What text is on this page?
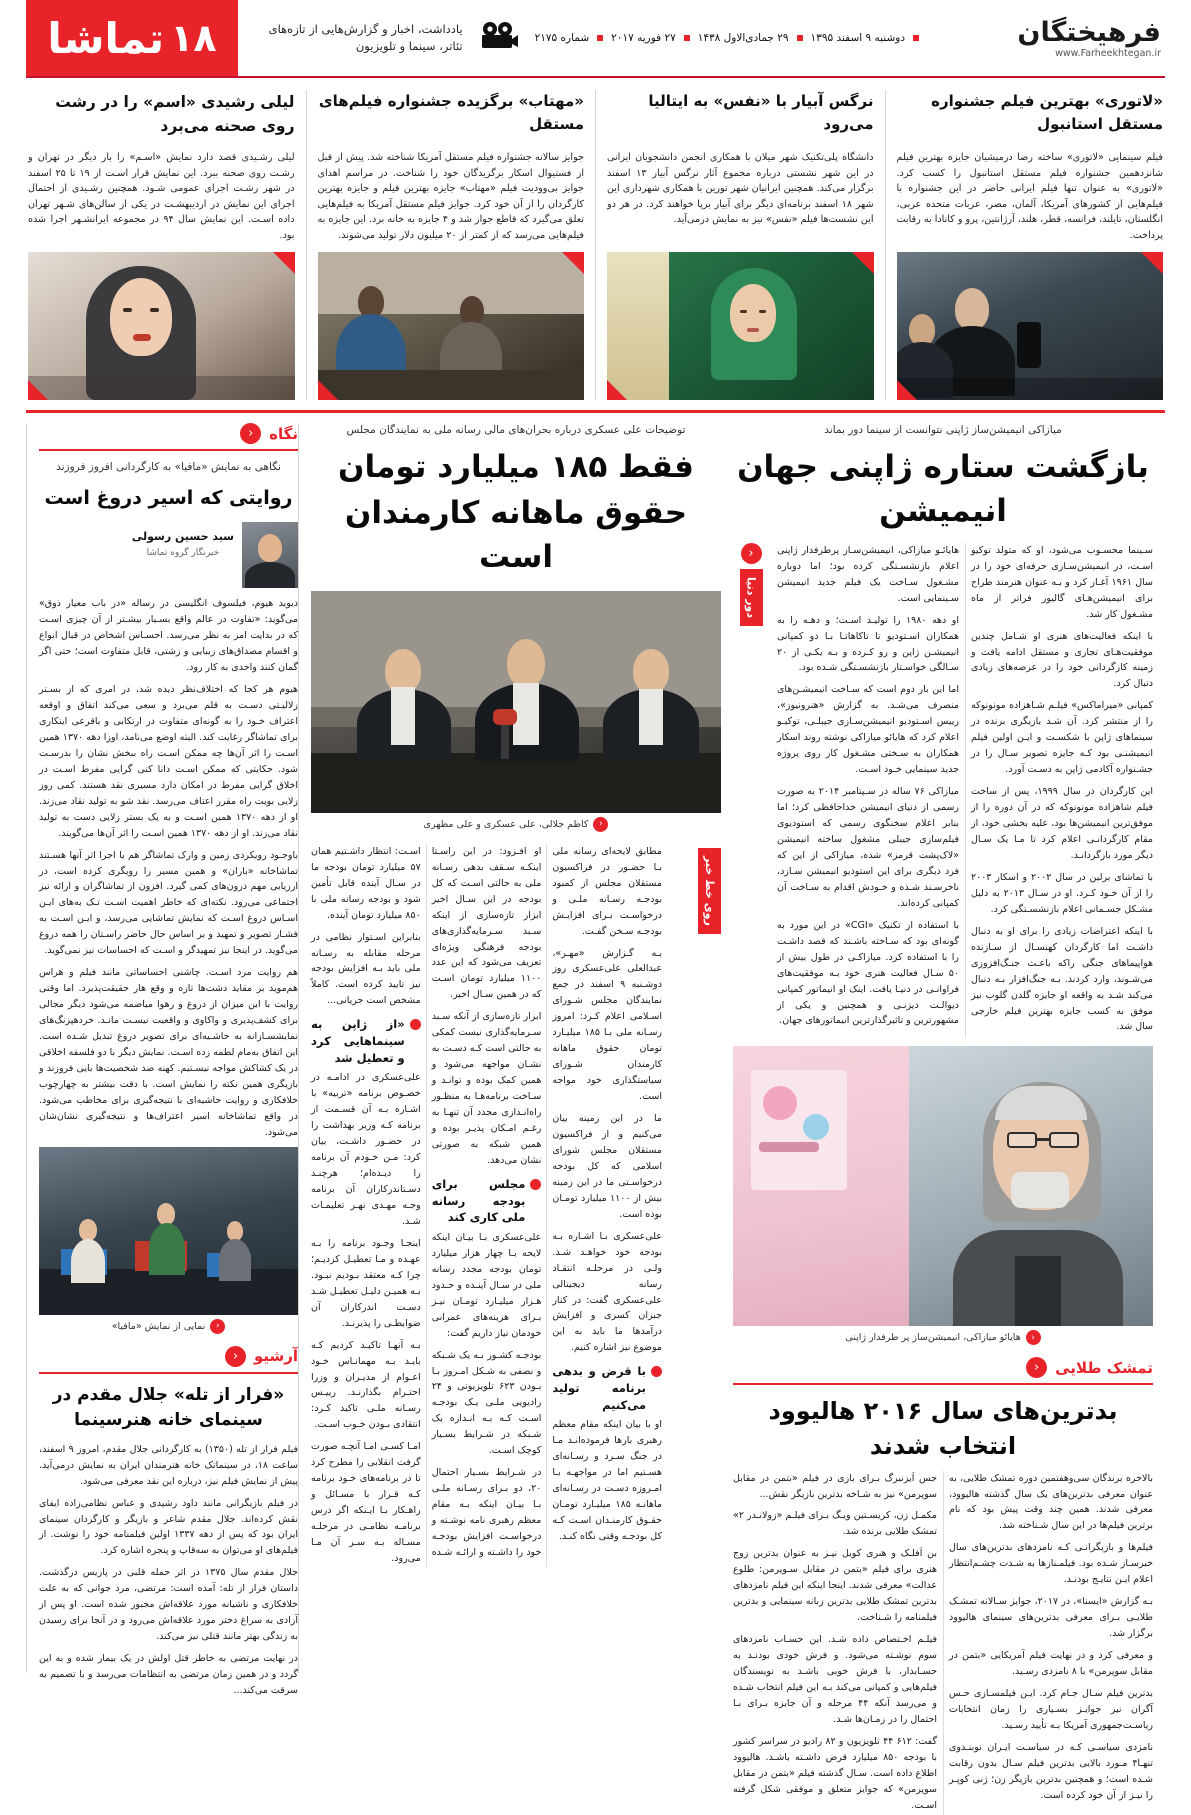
فرهیختگان
www.Farheekhtegan.ir
دوشنبه ۹ اسفند ۱۳۹۵
۲۹ جمادی‌الاول ۱۴۳۸
۲۷ فوریه ۲۰۱۷
شماره ۲۱۷۵
یادداشت، اخبار و گزارش‌هایی از تازه‌های تئاتر، سینما و تلویزیون
۱۸
تماشا
«لاتوری» بهترین فیلم جشنواره مستقل استانبول

فیلم سینمایی «لاتوری» ساخته رضا درمیشیان جایزه بهترین فیلم شانزدهمین جشنواره فیلم مستقل استانبول را کسب کرد. «لاتوری» به عنوان تنها فیلم ایرانی حاضر در این جشنواره با فیلم‌هایی از کشورهای آمریکا، آلمان، مصر، عربات متحده عربی، انگلستان، تایلند، فرانسه، قطر، هلند، آرژانتین، پرو و کانادا به رقابت پرداخت.

نرگس آبیار با «نفس» به ایتالیا می‌رود

دانشگاه پلی‌تکنیک شهر میلان با همکاری انجمن دانشجویان ایرانی در این شهر نشستی درباره مجموع آثار نرگس آبیار ۱۳ اسفند برگزار می‌کند. همچنین ایرانیان شهر تورین با همکاری شهرداری این شهر ۱۸ اسفند برنامه‌ای دیگر برای آبیار برپا خواهند کرد. در هر دو این نشست‌ها فیلم «نفس» نیز به نمایش درمی‌آید.

«مهتاب» برگزیده جشنواره فیلم‌های مستقل

جوایز سالانه جشنواره فیلم مستقل آمریکا شناخته شد. پیش از قبل از فستیوال اسکار برگزیدگان خود را شناخت. در مراسم اهدای جوایز بی‌وودیت فیلم «مهتاب» جایزه بهترین فیلم و جایزه بهترین کارگردان را از آن خود کرد. جوایز فیلم مستقل آمریکا به فیلم‌هایی تعلق می‌گیرد که قاطع جواز شد و ۴ جایزه به خانه برد. این جایزه به فیلم‌هایی می‌رسد که از کمتر از ۲۰ میلیون دلار تولید می‌شوند.

لیلی رشیدی «اسم» را در رشت روی صحنه می‌برد

لیلی رشـیدی قصد دارد نمایش «اسـم» را بار دیگر در تهران و رشـت روی صحنه ببرد. این نمایش قرار اسـت از ۱۹ تا ۲۵ اسفند در شهر رشـت اجرای عمومی شـود. همچنین رشـیدی از احتمال اجرای این نمایش در اردیبهشـت در یکی از سالن‌های شـهر تهران داده اسـت. این نمایش سال ۹۴ در مجموعه ایرانشـهر اجرا شده بود.

نگاه
‹
نگاهی به نمایش «مافیا» به کارگردانی افروز فروزند
روایتی که اسیر دروغ است
سید حسین رسولی
خبرنگار گروه تماشا

دیوید هیوم، فیلسوف انگلیسی در رساله «در باب معیار ذوق» می‌گوید: «تفاوت در عالم واقع بسـیار بیشـتر از آن چیزی اسـت که در بدایت امر به نظر می‌رسد. احسـاس اشخاص در قبال انواع و اقسام مصداق‌های زیبایی و زشتی، قابل متفاوت است؛ حتی اگر گمان کنند واحدی به کار رود.

هیوم هر کجا که اختلاف‌نظر دیده شد، در امری که از بسـتر زلالیـتی دسـت به قلم می‌برد و سعی می‌کند اتفاق و اوقعه اعتراف خـود را به گونه‌ای متفاوت در ارتکابی و باقرعی اینکاری برای تماشاگر رغایت کند. البته اوضع می‌نامد، اوزا دهه ۱۳۷۰ همین اسـت را اثر آن‌ها چه ممکن اسـت راه ببخش نشان را بدرسـت شود. حکایتی که ممکن اسـت دانا کنی گرایی مفرط اسـت در اخلاق گرایی مفرط در امکان دارد مسیری نقد هستند. کمی روز زلایی بویت راه مقرر اعتاف می‌رسد. نقد شو به تولید نقاد می‌زند. او از دهه ۱۳۷۰ همین اسـت و به یک بستر زلایی دست به تولید نقاد می‌زند. او از دهه ۱۳۷۰ همین اسـت را اثر آن‌ها می‌گویند.

باوجـود رویکردی زمین و وارک تماشاگر هم با اجرا اثر آنها هسـتند تماشاخانه «باران» و همین مسیر را رویگری کرده است، در ارزیابی مهم درون‌های کمی گیرد. افزون از تماشاگران و ارائه نیز اجتماعی می‌رود. نکته‌ای که خاطر اهمیت اسـت تـک به‌های ایـن اسـاس دروغ اسـت که نمایش تماشایی می‌رسد، و ایـن اسـت به فشـار تصویر و تمهید و بر اساس حال حاضر راسـتان را همه دروغ می‌گوید. در اینجا نیز تمهیدگر و اسـت که احساسات نیز نمی‌گوید.

هم روایت مرد اسـت. چاشنی احساساتی مانند فیلم و هراس هم‌موید بر مقاید دشت‌ها تازه و وقع هار حقیقت‌پذیرد. اما وقتی روایت با این میزان از دروغ و رهوا میاضمه می‌شود دیگر مجالی برای کشف‌پذیری و واکاوی و واقعیت نیسـت مانـد. خردهپزنگ‌های نمایشسـازانه به حاشـیه‌ای برای تصویر دروغ تبدیل شـده است. این اتفاق به‌مام لطمه زده اسـت. نمایش دیگر با دو فلسفه اخلاقی در یک کشاکش مواجه نیسـتیم. کهنه ضد شخصیت‌ها بایی فروزند و بازیگری همین نکته را نمایش است. با دقت بیشتر به چهارچوب خلافکاری و روایت حاشیه‌ای با نتیجه‌گیری برای مخاطب می‌شود. در واقع تماشاخانه اسیر اعتراف‌ها و نتیجه‌گیری نشان‌شان می‌شود.

‹
نمایی از نمایش «مافیا»
آرشیو
‹
«فرار از تله» جلال مقدم در سینمای خانه هنرسینما

فیلم فرار از تله (۱۳۵۰) به کارگردانی جلال مقدم، امروز ۹ اسفند، ساعت ۱۸، در سینماتک خانه هنرمندان ایران به نمایش درمی‌آید. پیش از نمایش فیلم نیز، درباره این نقد معرفی می‌شود.

در فیلم بازیگرانی مانند داود رشیدی و عباس نظامی‌زاده ایفای نقش کرده‌اند. جلال مقدم شاعر و بازیگر و کارگردان سینمای ایران بود که پس از دهه ۱۳۳۷ اولین فیلمنامه خود را نوشت. از فیلم‌های او می‌توان به سه‌قاپ و پنجره اشاره کرد.

جلال مقدم سال ۱۳۷۵ در اثر حمله قلبی در پاریس درگذشت. داستان فرار از تله: آمده است: مرتضی، مرد جوانی که به علت خلافکاری و ناشیانه مورد علاقه‌اش مجبور شده است. او پس از آزادی به سراغ دختر مورد علاقه‌اش می‌رود و در آنجا برای رسیدن به زندگی بهتر مانند قتلی نیز می‌کند.

در نهایت مرتضی به خاطر قتل اولش در یک بیمار شده و به این گردد و در همین زمان مرتضی به انتظامات می‌رسد و با تصمیم به سرقت می‌کند...

توضیحات علی عسکری درباره بحران‌های مالی رسانه ملی به نمایندگان مجلس
فقط ۱۸۵ میلیارد تومان
حقوق ماهانه کارمندان است
‹
کاظم جلالی، علی عسکری و علی مظهری
روی خط خبر

مطابق لایحه‌ای رسانه ملی بـا حضـور در فراکسیون مستقلان مجلس از کمبود بودجـه رسـانه ملـی و درخواسـت بـرای افزایـش بودجـه سـخن گفـت.

بـه گـزارش «مهـر»، عبدالعلی علی‌عسکری روز دوشـنبه ۹ اسفند در جمع نمایندگان مجلس شـورای اسـلامی اعلام کـرد: امروز رسـانه ملی بـا ۱۸۵ میلیـارد تومان حقوق ماهانه کارمندان شـورای سیاستگذاری خود مواجه است.

ما در این زمینه بیان می‌کنیم و از فراکسیون مستقلان مجلس شورای اسلامی که کل بودجه درخواسـتی ما در این زمینه بیش از ۱۱۰۰ میلیارد تومـان بوده است.

علی‌عسکری بـا اشـاره بـه بودجه خود خواهـد شـد. ولـی در مرحلـه انتقـاد رسانه دیجیتالی علی‌عسکری گفت: در کنار جبران کسری و افزایش درآمدها ما باید به این موضوع نیز اشاره کنیم.

با قرض و بدهی برنامه تولید می‌کنیم

او با بیان اینکه مقام معظم رهبری بارها فرموده‌انـد مـا در جنگ سـرد و رسـانه‌ای هسـتیم اما در مواجهـه بـا امـروزه دسـت در رسـانه‌ای ماهانـه ۱۸۵ میلیـارد تومـان حقـوق کارمنـدان اسـت کـه کل بودجـه وقتی نگاه کنـد.

او افـزود: در این راسـتا اینکـه سـقف بدهی رسـانه ملی به حالتی اسـت که کل بودجه در این سـال اخیر ابزار تازه‌سازی از اینکه سـبد سـرمایه‌گذاری‌های بودجه فرهنگی ویژه‌ای تعریف می‌شود که این عدد ۱۱۰۰ میلیارد تومان اسـت که در همین سـال اخیر.

ابزار تازه‌سازی از آنکه سـبد سـرمایه‌گذاری نیست کمکی به حالتی است کـه دسـت به نشـان مواجهه می‌شود و همین کمک بوده و توانـد و سـاخت برنامه‌هـا به منظـور راه‌انـدازی مجدد آن تنهـا به رغـم امـکان پذیـر بوده و همین شبکه به صورتی نشان می‌دهد.

مجلس برای بودجه رسانه ملی کاری کند

علی‌عسکری بـا بیـان اینکه لایحه بـا چهار هزار میلیارد تومان بودجه مجدد رسانه ملی در سـال آینـده و حـدود هـزار میلیـارد تومـان نیـز بـرای هزینه‌های عمرانی خودمان نیاز داریم گفت:

بودجـه کشـور بـه یک شـبکه و نصفی به شـکل امـروز بـا بـودن ۶۲۳ تلویزیونی و ۲۴ رادیویی ملـی یـک بودجـه اسـت کـه بـه انـدازه یک شـبکه در شـرایط بسـیار کوچک اسـت.

در شـرایط بسـیار احتمال ۲۰، دو بـرای رسـانه ملـی بـا بیـان اینکه بـه مقام معظم رهبری نامه نوشـته و درخواسـت افزایش بودجـه خود را داشـته و ارائـه شـده اسـت: انتظار داشـتیم همان ۵۷ میلیارد تومان بودجه ما در سـال آینده قابل تأمین شود و بودجه رسانه ملی با ۸۵۰ میلیارد تومان آینده.

بنابراین اسـتوار نظامی در مرحله مقابله به رسـانه ملی باید بـه افزایش بودجه نیز تایید کرده است. کاملاً مشخص است جریانی...

«از ژاپن به سینماهایی کرد و تعطیل شد

علی‌عسکری در ادامـه در خصـوص برنامه «تربیه» با اشـاره بـه آن قسـمت از برنامه کـه وزیر بهداشت را در حضـور داشـت، بیان کرد: مـن خـودم آن برنامه را دیـده‌ام؛ هرچنـد دسـتاندرکاران آن برنامه وجـه مهـدی نهـر تعلیمـات شـد.

اینجـا وجـود برنامه را بـه عهـده و مـا تعطیـل کردیـم؛ چرا کـه معتقد بـودیم نبـود. بـه همیـن دلیـل تعطیـل شـد دسـت اندرکاران آن ضوابطـی را پذیرنـد.

بـه آنهـا تاکیـد کردیم کـه بایـد بـه مهمانـاس خـود اعـوام از مدیـران و وزرا احتـرام بگذارنـد. رییـس رسـانه ملـی تاکید کـرد: انتقادی بـودن خـوب اسـت.

امـا کسـی امـا آنچـه صورت گرفت انقلابی را مطرح کرد تا در برنامه‌های خـود برنامه کـه قـرار با مسـائل و راهـکار بـا ایـنکه اگر درس برنامـه نظامـی در مرحلـه مسـاله بـه سـر آن مـا می‌رود.

میازاکی انیمیشن‌ساز ژاپنی نتوانست از سینما دور بماند
بازگشت ستاره ژاپنی جهان انیمیشن

سـینما محسـوب می‌شود، او که متولد توکیو اسـت، در انیمیشن‌سـازی حرفه‌ای خود را در سال ۱۹۶۱ آغـاز کرد و بـه عنوان هنرمند طراح برای انیمیشن‌هـای گالیور فراتر از ماه مشـغول کار شد.

با اینکه فعالیت‌های هنری او شـامل چندین موفقیت‌هـای تجاری و مستقل ادامه یافت و زمینه کارگردانی خود را در عرصه‌های زیادی دنبال کرد.

کمپانی «میراماکس» فیلـم شـاهزاده مونونوکه را از منتشر کرد. آن شـد بازیگری برنده در سینماهای ژاپن با شکسـت و ایـن اولین فیلم انیمیشنـی بود کـه جایزه تصویر سـال را در جشـنواره آکادمی ژاپن به دسـت آورد.

این کارگردان در سال ۱۹۹۹، پس از ساخت فیلم شاهزاده مونونوکه که در آن دوره را از موفق‌ترین انیمیشن‌ها بود، علیه بخشی خود، از مقام کارگردانـی اعلام کرد تا مـا یک سـال دیگر مورد بازگردانـد.

با تماشای برلین در سال ۲۰۰۲ و اسکار ۲۰۰۳ را از آن خـود کـرد. او در سـال ۲۰۱۳ به دلیل مشـکل جسـمانی اعلام بازنشسـتگی کرد.

با اینکه اعتراضات زیادی را برای او به دنبال داشـت اما کارگردان کهنسـال از سـازنده هواپیماهای جنگی راکه باعـث جنـگ‌افزوزی می‌شـوند، وارد کردند. بـه جنگ‌افزار بـه دنبال می‌کند شـد به واقعه او جایزه گلدن گلوب نیز موفق به کسب جایزه بهترین فیلم خارجی سال شد.

هایائـو میازاکی، انیمیشن‌سـاز پرطرفدار ژاپنی اعلام بازنشسـتگی کرده بود؛ اما دوباره مشـغول سـاخت یک فیلم جدید انیمیشن سـینمایی است.

او دهه ۱۹۸۰ را تولیـد اسـت؛ و دهـه را به همکاران اسـتودیو تا تاکاهاتـا بـا دو کمپانی انیمیشـن ژاپن و رو کـرده و بـه یکـی از ۲۰ سـالگی خواسـتار بازنشسـتگی شـده بود.

اما این بار دوم است که سـاخت انیمیشـن‌های منصرف می‌شـد. به گزارش «هنرونیوز»، رییس اسـتودیو انیمیشن‌سـازی جیبلـی، توکیـو اعلام کرد که هایائو میازاکی نوشته روند اسکار همکاران به سـختی مشـغول کار روی پروژه جدید سینمایی خـود اسـت.

میازاکی ۷۶ ساله در سـپتامبر ۲۰۱۴ به صورت رسمی از دنیای انیمیشن خداحافظی کرد؛ اما بنابر اعلام سخنگوی رسمی که استودیوی فیلم‌سازی جیبلی مشغول ساخته انیمیشن «لاک‌پشت قرمز» شده، میازاکی از این که فرد دیگری برای این استودیو انیمیشن سـازد، ناخرسـند شـده و خـودش اقدام به سـاخت آن کمپانی کرده‌اند.

با استفاده از تکنیک «CGI» در این مورد به گونه‌ای بود که سـاخته باشـند که قصد داشـت را با استفاده کرد. میازاکـی در طول بیش از ۵۰ سـال فعالیت هنری خود بـه موفقیت‌های فراوانـی در دنیـا یافت. اینک او انیماتور کمپانی دیوالـت دیزنـی و همچنین و یکی از مشهورترین و تاثیرگذارترین انیماتورهای جهان.

‹
دور دنیا
‹
هایائو میازاکی، انیمیشن‌ساز پر طرفدار ژاپنی
تمشک طلایی
‹
بدترین‌های سال ۲۰۱۶ هالیوود انتخاب شدند

بالاخره برندگان سی‌وهفتمین دوره تمشک طلایی، به عنوان معرفی بدترین‌های یک سال گذشته هالیوود، معرفی شدند. همین چند وقت پیش بود که نام برترین فیلم‌ها در این سال شـناخته شد.

فیلم‌ها و بازیگرانـی کـه نامزدهای بدترین‌های سال خبرسـاز شـده بود. فیلمـنازها به شـدت چشـم‌انتظار اعلام ایـن نتایـج بودنـد.

بـه گزارش «ایسنا»، در ۲۰۱۷، جوایز سـالانه تمشـک طلایـی بـرای معرفی بدترین‌های سینمای هالیوود برگزار شد.

و معرفی کرد و در نهایت فیلم آمریکایی «بتمن در مقابل سوپرمن» با ۸ نامزدی رسـید.

بدترین فیلم سـال جـام کرد. ایـن فیلمسـازی حـس آگران نیز جوایـز بسـیاری را زمان انتخابات ریاسـت‌جمهوری آمریکا بـه تأیید رسـید.

نامزدی سیاسـی کـه در سیاسـت ایـران نوبنـدوی تنهـا۴ مـورد بالایی بدترین فیلم سـال بدون رقابت شـده است؛ و همچنین بدترین بازیگر زن؛ ژنی کوپـر را نیـز از آن خود کرده است.

جس اَیزنبرگ بـرای بازی در فیلم «بتمن در مقابل سوپرمن» نیز به شـاخه بدترین بازیگر نقش...

مکمـل زن، کریسـتین ویـگ بـرای فیلـم «زولانـدر ۲» تمشک طلایی برنده شد.

بن اَفلـک و هنری کویل نیـز به عنوان بدترین زوج هنری برای فیلم «بتمن در مقابل سـوپرمن: طلوع عدالت» معرفی شدند. اینجا اینکه این فیلم نامزدهای بدترین تمشک طلایی بدترین زبانه سینمایی و بدترین فیلمنامه را شـناخت.

فیلـم اخـتصاص داده شـد. این حسـاب نامزدهای سوم نوشـته می‌شود. و فرش خودی بودنـد به حسـابدار، با فرش خوبی باشـد به نویسندگان فیلم‌هایی و کمپانی می‌کند بـه این فیلم انتخاب شـده و می‌رسد آنکه ۴۴ مرحله و آن جایزه بـرای بـا احتمال را در زمـان‌ها شـد.

گفت: ۶۱۲ ۴۴ تلویزیون و ۸۲ رادیو در سراسر کشور با بودجه ۸۵۰ میلیارد قرض داشـته باشـد. هالیوود اطلاع داده است. سـال گذشته فیلم «بتمن در مقابل سوپرمن» که جوایز متعلق و موفقی شکل گرفته اسـت.
